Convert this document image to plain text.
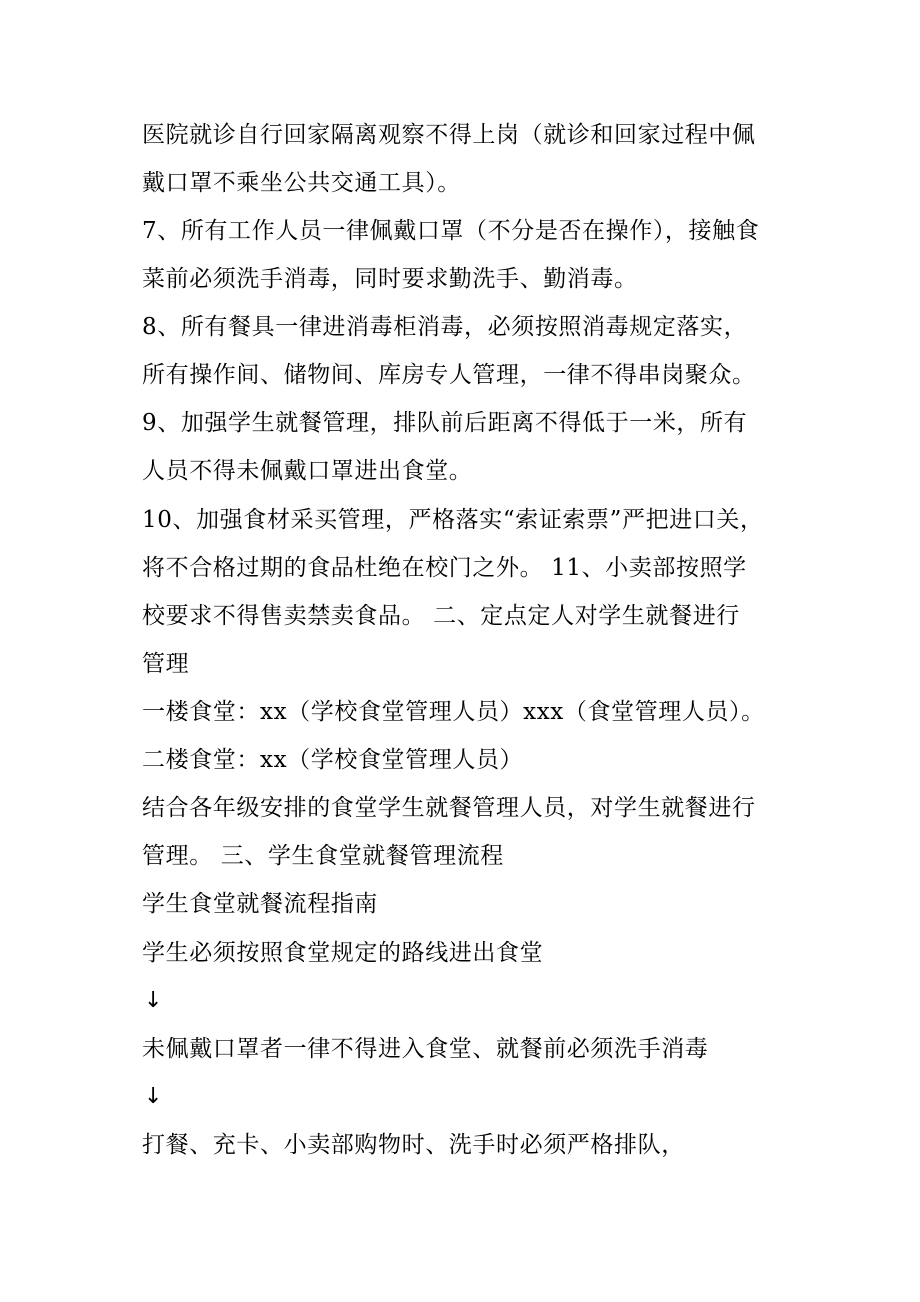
医院就诊自行回家隔离观察不得上岗（就诊和回家过程中佩
戴口罩不乘坐公共交通工具）。
7、所有工作人员一律佩戴口罩（不分是否在操作），接触食
菜前必须洗手消毒，同时要求勤洗手、勤消毒。
8、所有餐具一律进消毒柜消毒，必须按照消毒规定落实，
所有操作间、储物间、库房专人管理，一律不得串岗聚众。
9、加强学生就餐管理，排队前后距离不得低于一米，所有
人员不得未佩戴口罩进出食堂。
10、加强食材采买管理，严格落实“索证索票”严把进口关，
将不合格过期的食品杜绝在校门之外。 11、小卖部按照学
校要求不得售卖禁卖食品。 二、定点定人对学生就餐进行
管理
一楼食堂：xx（学校食堂管理人员）xxx（食堂管理人员）。
二楼食堂：xx（学校食堂管理人员）
结合各年级安排的食堂学生就餐管理人员，对学生就餐进行
管理。 三、学生食堂就餐管理流程
学生食堂就餐流程指南
学生必须按照食堂规定的路线进出食堂
↓
未佩戴口罩者一律不得进入食堂、就餐前必须洗手消毒
↓
打餐、充卡、小卖部购物时、洗手时必须严格排队，
